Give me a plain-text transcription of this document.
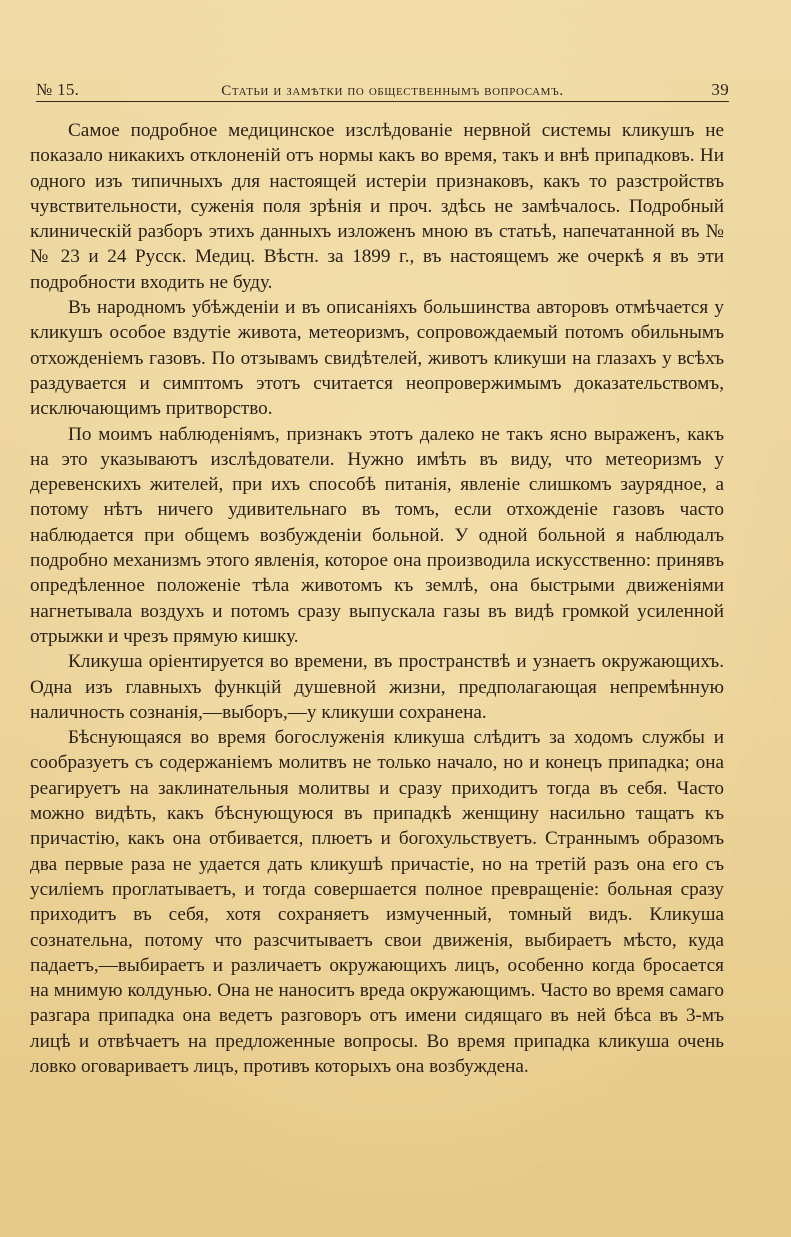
№ 15.	Статьи и замѣтки по общественнымъ вопросамъ.	39

Самое подробное медицинское изслѣдованіе нервной системы кликушъ не показало никакихъ отклоненій отъ нормы какъ во время, такъ и внѣ припадковъ. Ни одного изъ типичныхъ для настоящей истеріи признаковъ, какъ то разстройствъ чувствительности, суженія поля зрѣнія и проч. здѣсь не замѣчалось. Подробный клиническій разборъ этихъ данныхъ изложенъ мною въ статьѣ, напечатанной въ №№ 23 и 24 Русск. Медиц. Вѣстн. за 1899 г., въ настоящемъ же очеркѣ я въ эти подробности входить не буду.

Въ народномъ убѣжденіи и въ описаніяхъ большинства авторовъ отмѣчается у кликушъ особое вздутіе живота, метеоризмъ, сопровождаемый потомъ обильнымъ отхожденіемъ газовъ. По отзывамъ свидѣтелей, животъ кликуши на глазахъ у всѣхъ раздувается и симптомъ этотъ считается неопровержимымъ доказательствомъ, исключающимъ притворство.

По моимъ наблюденіямъ, признакъ этотъ далеко не такъ ясно выраженъ, какъ на это указываютъ изслѣдователи. Нужно имѣть въ виду, что метеоризмъ у деревенскихъ жителей, при ихъ способѣ питанія, явленіе слишкомъ заурядное, а потому нѣтъ ничего удивительнаго въ томъ, если отхожденіе газовъ часто наблюдается при общемъ возбужденіи больной. У одной больной я наблюдалъ подробно механизмъ этого явленія, которое она производила искусственно: принявъ опредѣленное положеніе тѣла животомъ къ землѣ, она быстрыми движеніями нагнетывала воздухъ и потомъ сразу выпускала газы въ видѣ громкой усиленной отрыжки и чрезъ прямую кишку.

Кликуша оріентируется во времени, въ пространствѣ и узнаетъ окружающихъ. Одна изъ главныхъ функцій душевной жизни, предполагающая непремѣнную наличность сознанія,—выборъ,—у кликуши сохранена.

Бѣснующаяся во время богослуженія кликуша слѣдитъ за ходомъ службы и сообразуетъ съ содержаніемъ молитвъ не только начало, но и конецъ припадка; она реагируетъ на заклинательныя молитвы и сразу приходитъ тогда въ себя. Часто можно видѣть, какъ бѣснующуюся въ припадкѣ женщину насильно тащатъ къ причастію, какъ она отбивается, плюетъ и богохульствуетъ. Страннымъ образомъ два первые раза не удается дать кликушѣ причастіе, но на третій разъ она его съ усиліемъ проглатываетъ, и тогда совершается полное превращеніе: больная сразу приходитъ въ себя, хотя сохраняетъ измученный, томный видъ. Кликуша сознательна, потому что разсчитываетъ свои движенія, выбираетъ мѣсто, куда падаетъ,—выбираетъ и различаетъ окружающихъ лицъ, особенно когда бросается на мнимую колдунью. Она не наноситъ вреда окружающимъ. Часто во время самаго разгара припадка она ведетъ разговоръ отъ имени сидящаго въ ней бѣса въ 3-мъ лицѣ и отвѣчаетъ на предложенные вопросы. Во время припадка кликуша очень ловко оговариваетъ лицъ, противъ которыхъ она возбуждена.
